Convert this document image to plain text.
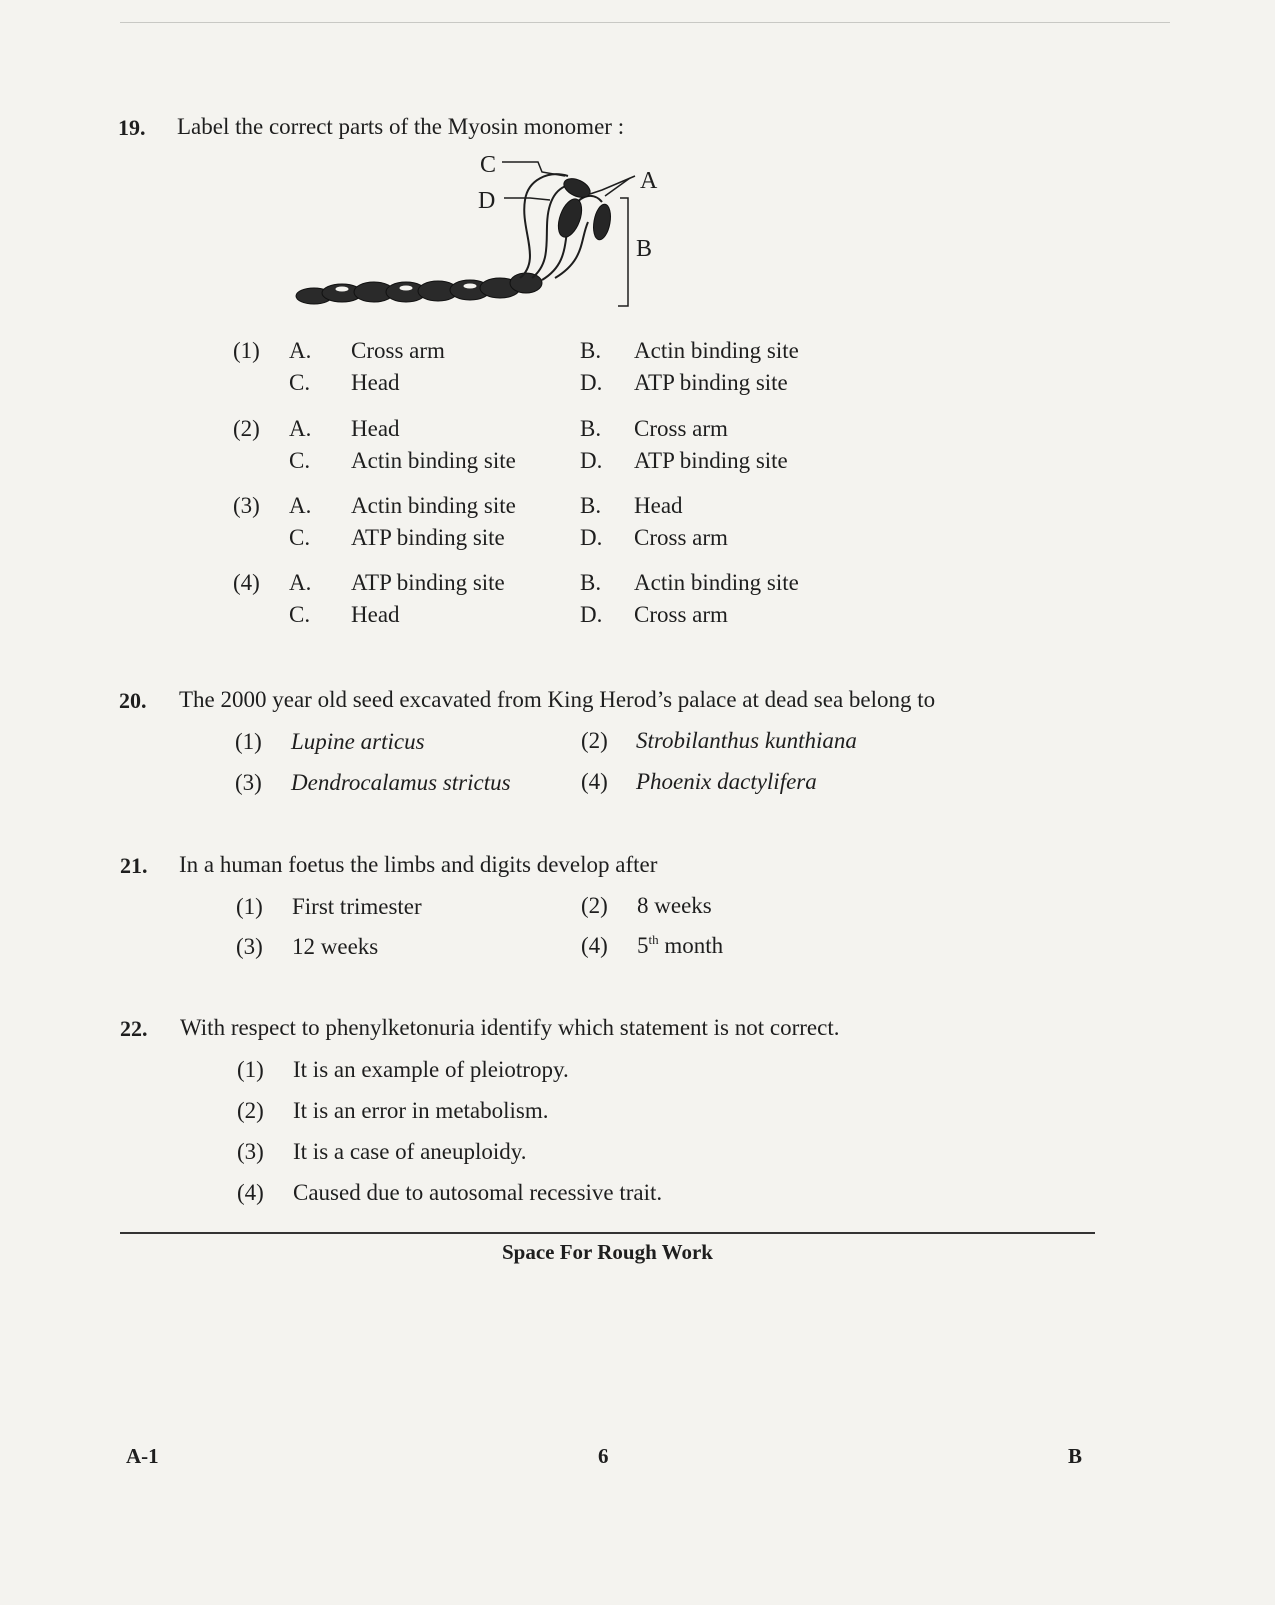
19. Label the correct parts of the Myosin monomer :
C
D
A
B
(1) A. Cross arm	B. Actin binding site
C. Head	D. ATP binding site
(2) A. Head	B. Cross arm
C. Actin binding site	D. ATP binding site
(3) A. Actin binding site	B. Head
C. ATP binding site	D. Cross arm
(4) A. ATP binding site	B. Actin binding site
C. Head	D. Cross arm
20. The 2000 year old seed excavated from King Herod’s palace at dead sea belong to
(1) Lupine articus	(2) Strobilanthus kunthiana
(3) Dendrocalamus strictus	(4) Phoenix dactylifera
21. In a human foetus the limbs and digits develop after
(1) First trimester	(2) 8 weeks
(3) 12 weeks	(4) 5th month
22. With respect to phenylketonuria identify which statement is not correct.
(1) It is an example of pleiotropy.
(2) It is an error in metabolism.
(3) It is a case of aneuploidy.
(4) Caused due to autosomal recessive trait.
Space For Rough Work
A-1	6	B
